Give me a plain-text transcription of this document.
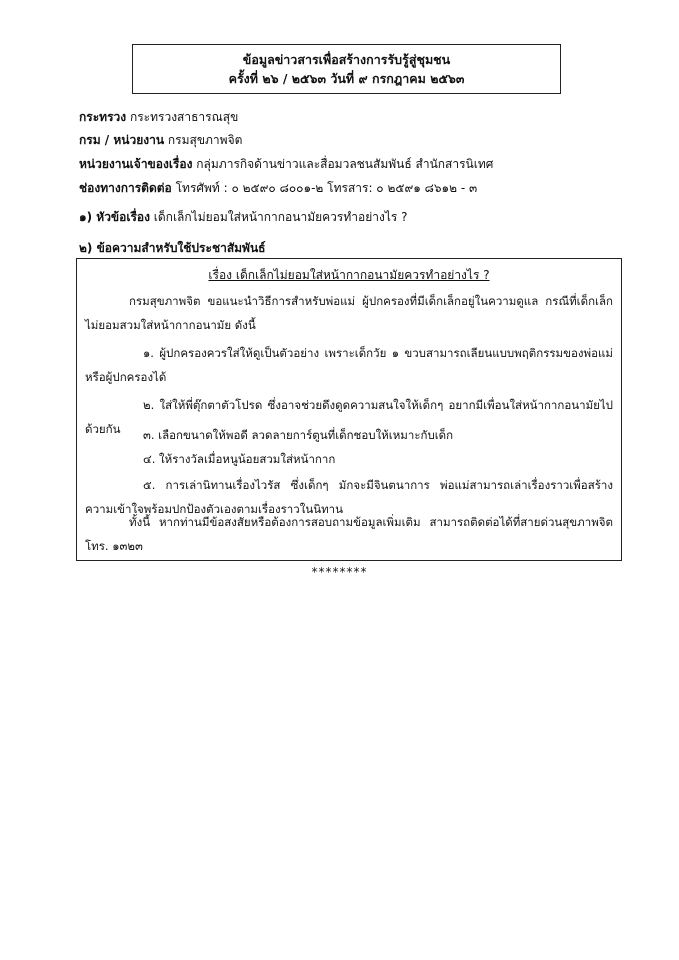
ข้อมูลข่าวสารเพื่อสร้างการรับรู้สู่ชุมชน
ครั้งที่ ๒๖ / ๒๕๖๓ วันที่ ๙ กรกฎาคม ๒๕๖๓
กระทรวง กระทรวงสาธารณสุข
กรม / หน่วยงาน กรมสุขภาพจิต
หน่วยงานเจ้าของเรื่อง กลุ่มภารกิจด้านข่าวและสื่อมวลชนสัมพันธ์ สำนักสารนิเทศ
ช่องทางการติดต่อ โทรศัพท์ : ๐ ๒๕๙๐ ๘๐๐๑-๒ โทรสาร: ๐ ๒๕๙๑ ๘๖๑๒ - ๓
๑) หัวข้อเรื่อง เด็กเล็กไม่ยอมใส่หน้ากากอนามัยควรทำอย่างไร ?
๒) ข้อความสำหรับใช้ประชาสัมพันธ์
เรื่อง เด็กเล็กไม่ยอมใส่หน้ากากอนามัยควรทำอย่างไร ?
กรมสุขภาพจิต ขอแนะนำวิธีการสำหรับพ่อแม่ ผู้ปกครองที่มีเด็กเล็กอยู่ในความดูแล กรณีที่เด็กเล็กไม่ยอมสวมใส่หน้ากากอนามัย ดังนี้
๑. ผู้ปกครองควรใส่ให้ดูเป็นตัวอย่าง เพราะเด็กวัย ๑ ขวบสามารถเลียนแบบพฤติกรรมของพ่อแม่ หรือผู้ปกครองได้
๒. ใส่ให้พี่ตุ๊กตาตัวโปรด ซึ่งอาจช่วยดึงดูดความสนใจให้เด็กๆ อยากมีเพื่อนใส่หน้ากากอนามัยไปด้วยกัน	๓. เลือกขนาดให้พอดี ลวดลายการ์ตูนที่เด็กชอบให้เหมาะกับเด็ก
๔. ให้รางวัลเมื่อหนูน้อยสวมใส่หน้ากาก
๕. การเล่านิทานเรื่องไวรัส ซึ่งเด็กๆ มักจะมีจินตนาการ พ่อแม่สามารถเล่าเรื่องราวเพื่อสร้างความเข้าใจพร้อมปกป้องตัวเองตามเรื่องราวในนิทาน
ทั้งนี้ หากท่านมีข้อสงสัยหรือต้องการสอบถามข้อมูลเพิ่มเติม สามารถติดต่อได้ที่สายด่วนสุขภาพจิต โทร. ๑๓๒๓
********
